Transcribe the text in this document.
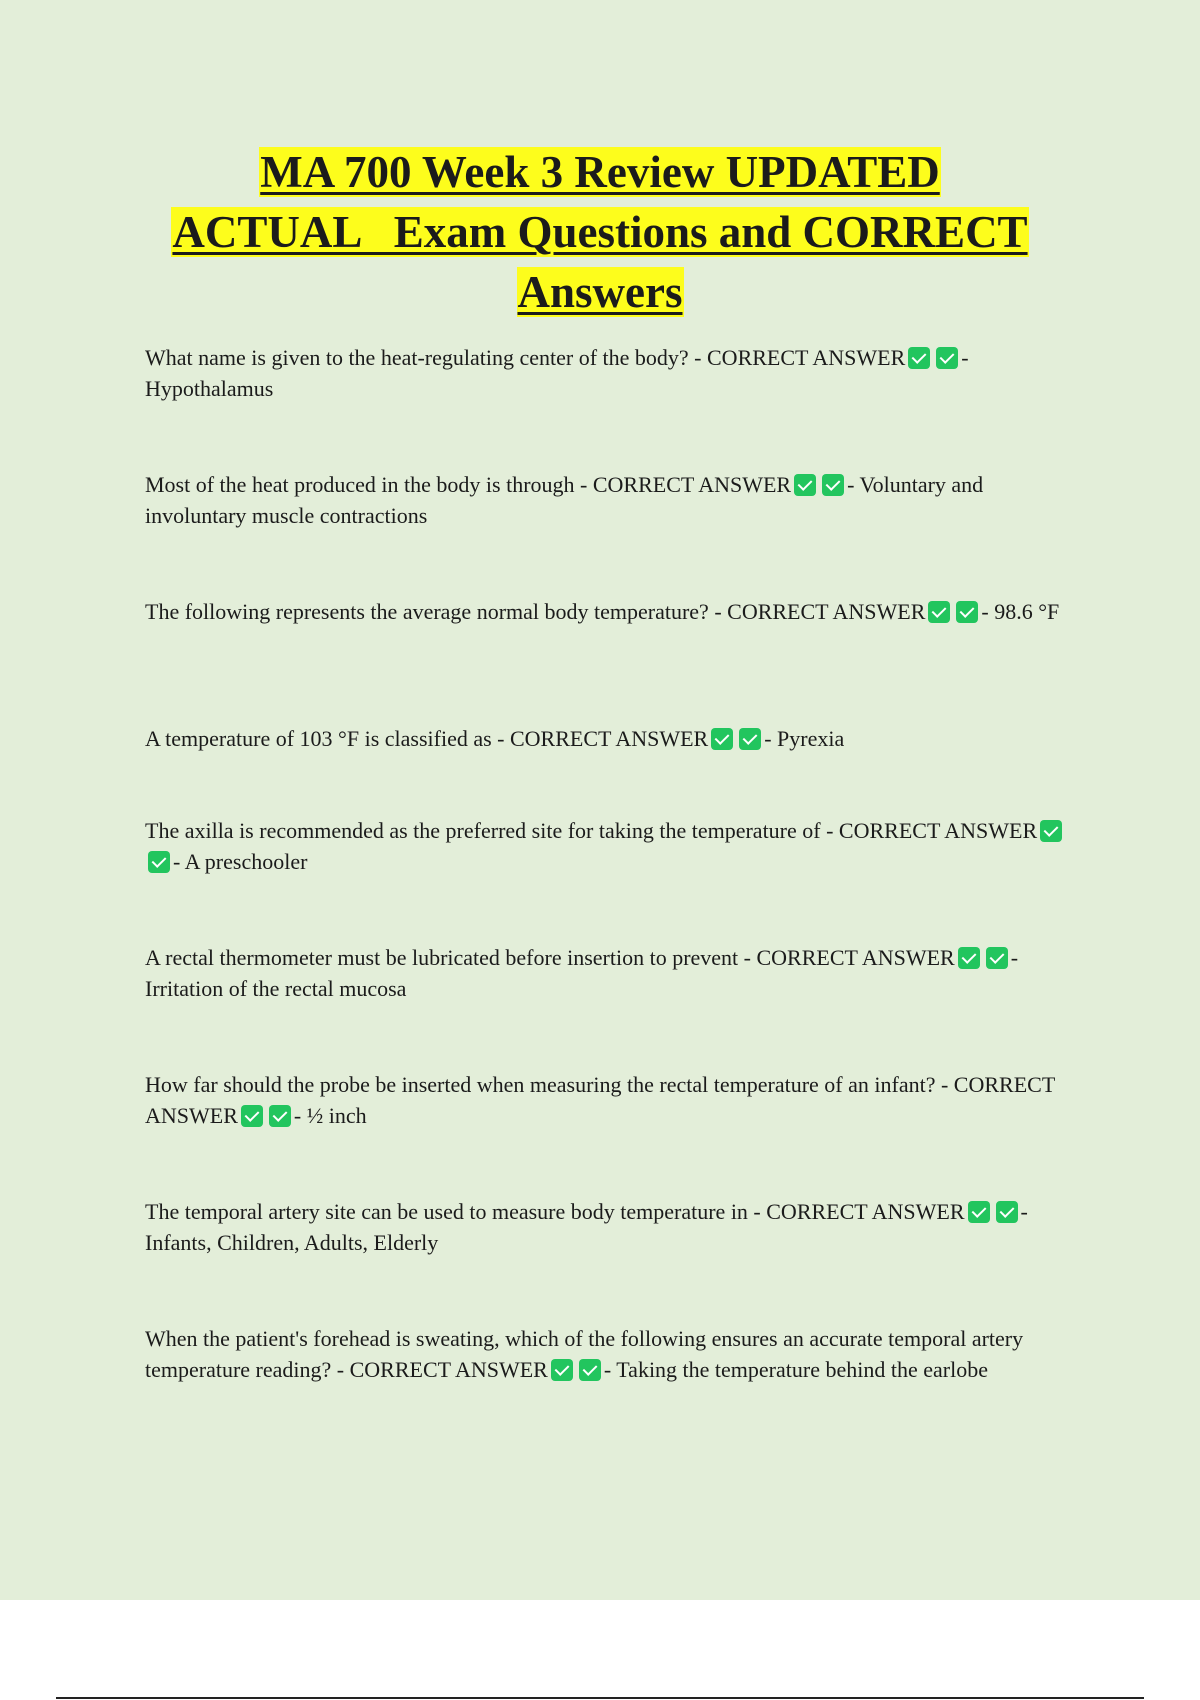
MA 700 Week 3 Review UPDATED
ACTUAL   Exam Questions and CORRECT
Answers

What name is given to the heat-regulating center of the body? - CORRECT ANSWER	- Hypothalamus

Most of the heat produced in the body is through - CORRECT ANSWER	- Voluntary and involuntary muscle contractions

The following represents the average normal body temperature? - CORRECT ANSWER	- 98.6 °F

A temperature of 103 °F is classified as - CORRECT ANSWER	- Pyrexia

The axilla is recommended as the preferred site for taking the temperature of - CORRECT ANSWER- A preschooler

A rectal thermometer must be lubricated before insertion to prevent - CORRECT ANSWER	- Irritation of the rectal mucosa

How far should the probe be inserted when measuring the rectal temperature of an infant? - CORRECT ANSWER	- ½ inch

The temporal artery site can be used to measure body temperature in - CORRECT ANSWER	- Infants, Children, Adults, Elderly

When the patient's forehead is sweating, which of the following ensures an accurate temporal artery temperature reading? - CORRECT ANSWER	- Taking the temperature behind the earlobe
